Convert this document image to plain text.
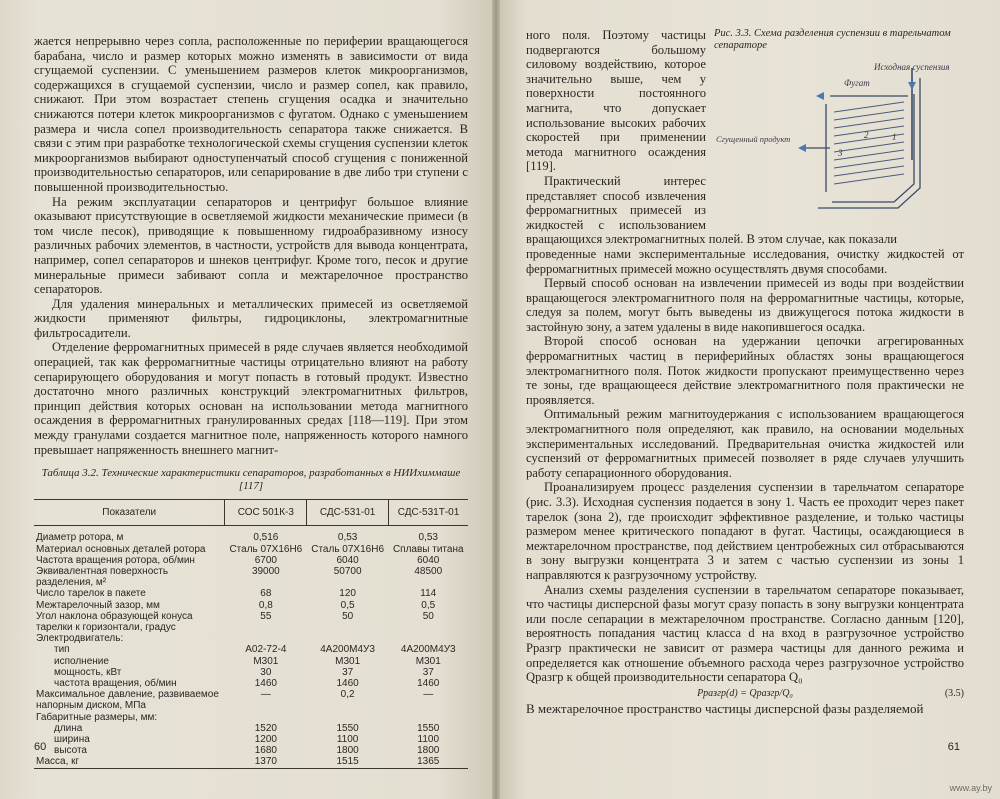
жается непрерывно через сопла, расположенные по периферии вращающегося барабана, число и размер которых можно изменять в зависимости от вида сгущаемой суспензии. С уменьшением размеров клеток микроорганизмов, содержащихся в сгущаемой суспензии, число и размер сопел, как правило, снижают. При этом возрастает степень сгущения осадка и значительно снижаются потери клеток микроорганизмов с фугатом. Однако с уменьшением размера и числа сопел производительность сепаратора также снижается. В связи с этим при разработке технологической схемы сгущения суспензии клеток микроорганизмов выбирают одноступенчатый способ сгущения с пониженной производительностью сепараторов, или сепарирование в две либо три ступени с повышенной производительностью.

На режим эксплуатации сепараторов и центрифуг большое влияние оказывают присутствующие в осветляемой жидкости механические примеси (в том числе песок), приводящие к повышенному гидроабразивному износу различных рабочих элементов, в частности, устройств для вывода концентрата, например, сопел сепараторов и шнеков центрифуг. Кроме того, песок и другие минеральные примеси забивают сопла и межтарелочное пространство сепараторов.

Для удаления минеральных и металлических примесей из осветляемой жидкости применяют фильтры, гидроциклоны, электромагнитные фильтросадители.

Отделение ферромагнитных примесей в ряде случаев является необходимой операцией, так как ферромагнитные частицы отрицательно влияют на работу сепарирующего оборудования и могут попасть в готовый продукт. Известно достаточно много различных конструкций электромагнитных фильтров, принцип действия которых основан на использовании метода магнитного осаждения в ферромагнитных гранулированных средах [118—119]. При этом между гранулами создается магнитное поле, напряженность которого намного превышает напряженность внешнего магнит-

Таблица 3.2. Технические характеристики сепараторов, разработанных в НИИхиммаше [117]
Показатели	СОС 501К-3	СДС-531-01	СДС-531Т-01
Диаметр ротора, м	0,516	0,53	0,53
Материал основных деталей ротора	Сталь 07Х16Н6	Сталь 07Х16Н6	Сплавы титана
Частота вращения ротора, об/мин	6700	6040	6040
Эквивалентная поверхность разделения, м²	39000	50700	48500
Число тарелок в пакете	68	120	114
Межтарелочный зазор, мм	0,8	0,5	0,5
Угол наклона образующей конуса тарелки к горизонтали, градус	55	50	50
Электродвигатель:			
тип	А02-72-4	4А200М4У3	4А200М4У3
исполнение	М301	М301	М301
мощность, кВт	30	37	37
частота вращения, об/мин	1460	1460	1460
Максимальное давление, развиваемое напорным диском, МПа	—	0,2	—
Габаритные размеры, мм:			
длина	1520	1550	1550
ширина	1200	1100	1100
высота	1680	1800	1800
Масса, кг	1370	1515	1365
60
Рис. 3.3. Схема разделения суспензии в тарельчатом сепараторе
Исходная суспензия
Фугат
Сгущенный продукт	1
2
3

ного поля. Поэтому частицы подвергаются большому силовому воздействию, которое значительно выше, чем у поверхности постоянного магнита, что допускает использование высоких рабочих скоростей при применении метода магнитного осаждения [119].

Практический интерес представляет способ извлечения ферромагнитных примесей из жидкостей с использованием вращающихся электромагнитных полей. В этом случае, как показали

проведенные нами экспериментальные исследования, очистку жидкостей от ферромагнитных примесей можно осуществлять двумя способами.

Первый способ основан на извлечении примесей из воды при воздействии вращающегося электромагнитного поля на ферромагнитные частицы, которые, следуя за полем, могут быть выведены из движущегося потока жидкости в застойную зону, а затем удалены в виде накопившегося осадка.

Второй способ основан на удержании цепочки агрегированных ферромагнитных частиц в периферийных областях зоны вращающегося электромагнитного поля. Поток жидкости пропускают преимущественно через те зоны, где вращающееся действие электромагнитного поля практически не проявляется.

Оптимальный режим магнитоудержания с использованием вращающегося электромагнитного поля определяют, как правило, на основании модельных экспериментальных исследований. Предварительная очистка жидкостей или суспензий от ферромагнитных примесей позволяет в ряде случаев улучшить работу сепарационного оборудования.

Проанализируем процесс разделения суспензии в тарельчатом сепараторе (рис. 3.3). Исходная суспензия подается в зону 1. Часть ее проходит через пакет тарелок (зона 2), где происходит эффективное разделение, и только частицы размером менее критического попадают в фугат. Частицы, осаждающиеся в межтарелочном пространстве, под действием центробежных сил отбрасываются в зону выгрузки концентрата 3 и затем с частью суспензии из зоны 1 направляются к разгрузочному устройству.

Анализ схемы разделения суспензии в тарельчатом сепараторе показывает, что частицы дисперсной фазы могут сразу попасть в зону выгрузки концентрата или после сепарации в межтарелочном пространстве. Согласно данным [120], вероятность попадания частиц класса d на вход в разгрузочное устройство Pразгр практически не зависит от размера частицы для данного режима и определяется как отношение объемного расхода через разгрузочное устройство Qразгр к общей производительности сепаратора Q₀

Pразгр(d) = Qразгр/Q₀	(3.5)

В межтарелочное пространство частицы дисперсной фазы разделяемой

61
www.ay.by
